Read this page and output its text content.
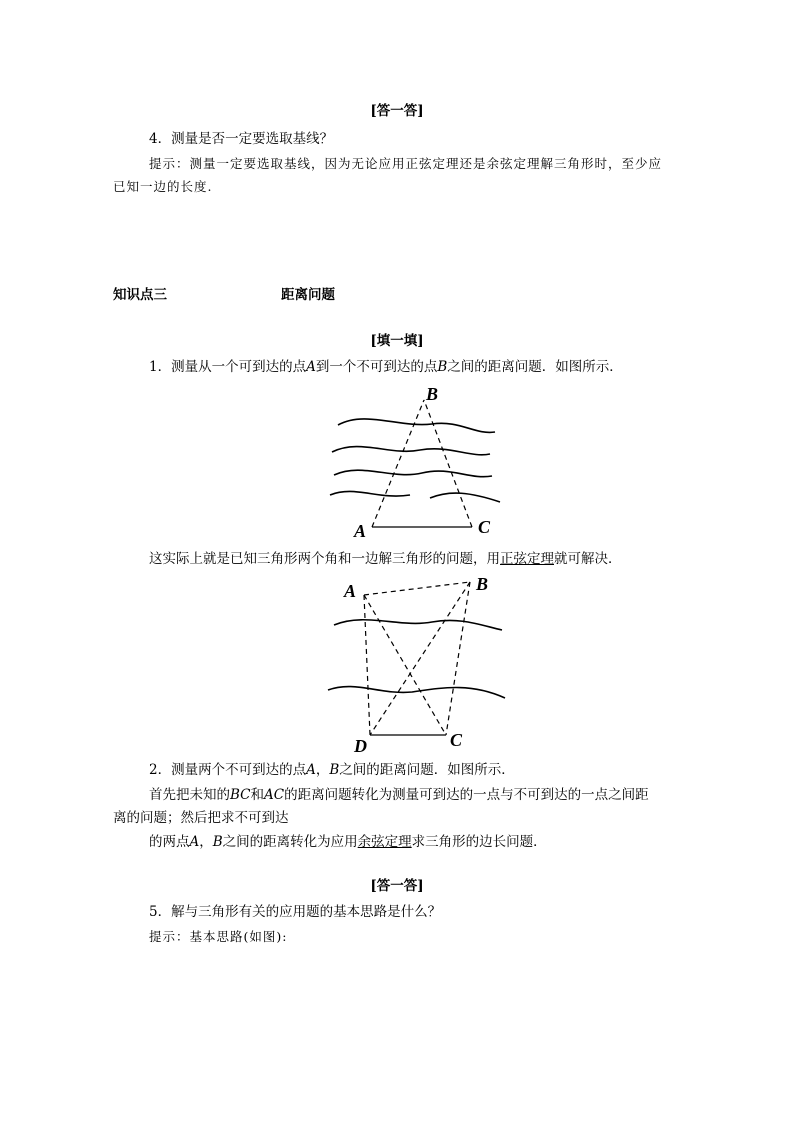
[答一答]
4．测量是否一定要选取基线？
提示：测量一定要选取基线，因为无论应用正弦定理还是余弦定理解三角形时，至少应
已知一边的长度.
知识点三	距离问题
[填一填]
1．测量从一个可到达的点A到一个不可到达的点B之间的距离问题．如图所示．
B
A	C
这实际上就是已知三角形两个角和一边解三角形的问题，用正弦定理就可解决．
A	B
D	C
2．测量两个不可到达的点A，B之间的距离问题．如图所示．
首先把未知的BC和AC的距离问题转化为测量可到达的一点与不可到达的一点之间距
离的问题；然后把求不可到达
的两点A，B之间的距离转化为应用余弦定理求三角形的边长问题．
[答一答]
5．解与三角形有关的应用题的基本思路是什么？
提示：基本思路(如图):
